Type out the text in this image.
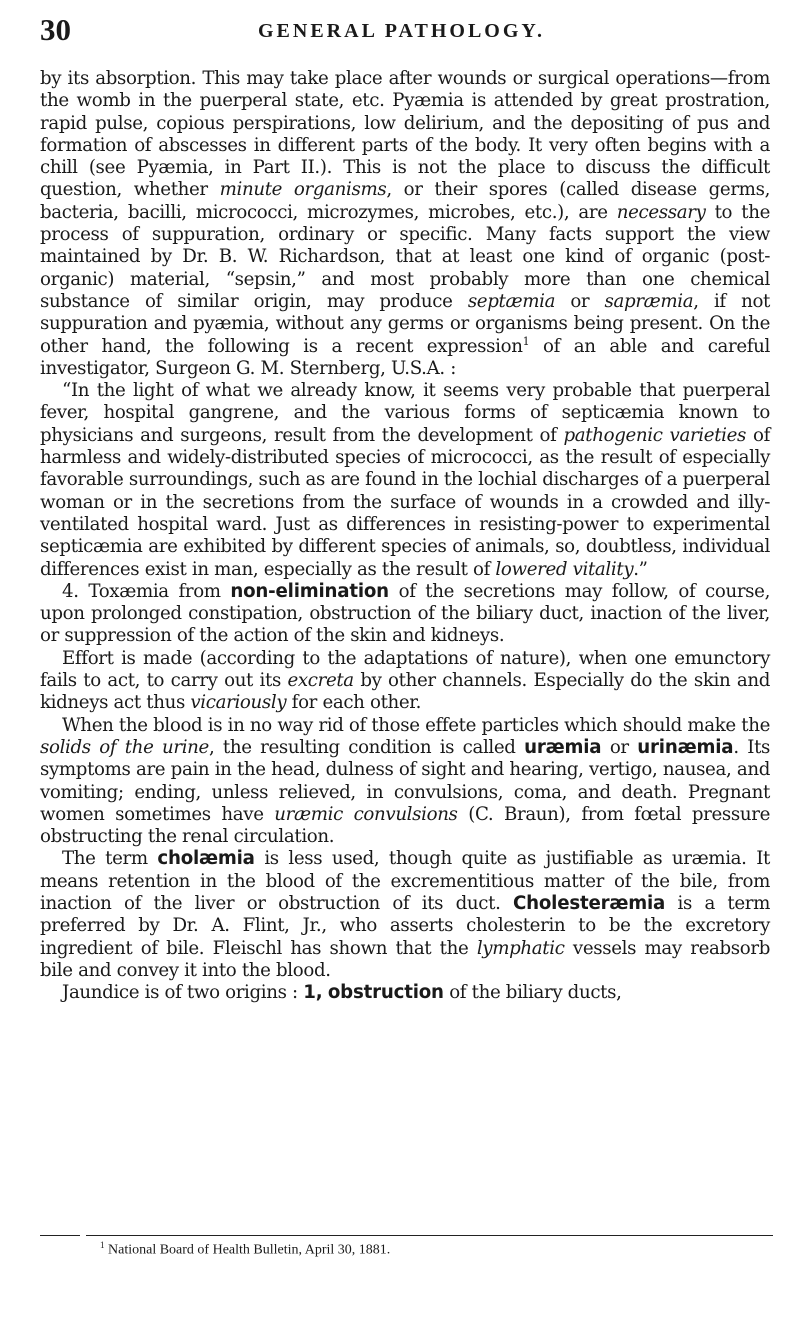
30	GENERAL PATHOLOGY.

by its absorption. This may take place after wounds or surgical operations—from the womb in the puerperal state, etc. Pyæmia is attended by great prostration, rapid pulse, copious perspirations, low delirium, and the depositing of pus and formation of abscesses in different parts of the body. It very often begins with a chill (see Pyæmia, in Part II.). This is not the place to discuss the difficult question, whether minute organisms, or their spores (called disease germs, bacteria, bacilli, micrococci, microzymes, microbes, etc.), are necessary to the process of suppuration, ordinary or specific. Many facts support the view maintained by Dr. B. W. Richardson, that at least one kind of organic (post-organic) material, “sepsin,” and most probably more than one chemical substance of similar origin, may produce septæmia or sapræmia, if not suppuration and pyæmia, without any germs or organisms being present. On the other hand, the following is a recent expression$^1$ of an able and careful investigator, Surgeon G. M. Sternberg, U.S.A. :

“In the light of what we already know, it seems very probable that puerperal fever, hospital gangrene, and the various forms of septicæmia known to physicians and surgeons, result from the development of pathogenic varieties of harmless and widely-distributed species of micrococci, as the result of especially favorable surroundings, such as are found in the lochial discharges of a puerperal woman or in the secretions from the surface of wounds in a crowded and illy-ventilated hospital ward. Just as differences in resisting-power to experimental septicæmia are exhibited by different species of animals, so, doubtless, individual differences exist in man, especially as the result of lowered vitality.”

4. Toxæmia from non-elimination of the secretions may follow, of course, upon prolonged constipation, obstruction of the biliary duct, inaction of the liver, or suppression of the action of the skin and kidneys.

Effort is made (according to the adaptations of nature), when one emunctory fails to act, to carry out its excreta by other channels. Especially do the skin and kidneys act thus vicariously for each other.

When the blood is in no way rid of those effete particles which should make the solids of the urine, the resulting condition is called uræmia or urinæmia. Its symptoms are pain in the head, dulness of sight and hearing, vertigo, nausea, and vomiting; ending, unless relieved, in convulsions, coma, and death. Pregnant women sometimes have uræmic convulsions (C. Braun), from fœtal pressure obstructing the renal circulation.

The term cholæmia is less used, though quite as justifiable as uræmia. It means retention in the blood of the excrementitious matter of the bile, from inaction of the liver or obstruction of its duct. Cholesteræmia is a term preferred by Dr. A. Flint, Jr., who asserts cholesterin to be the excretory ingredient of bile. Fleischl has shown that the lymphatic vessels may reabsorb bile and convey it into the blood.

Jaundice is of two origins : 1, obstruction of the biliary ducts,

$^1$ National Board of Health Bulletin, April 30, 1881.
